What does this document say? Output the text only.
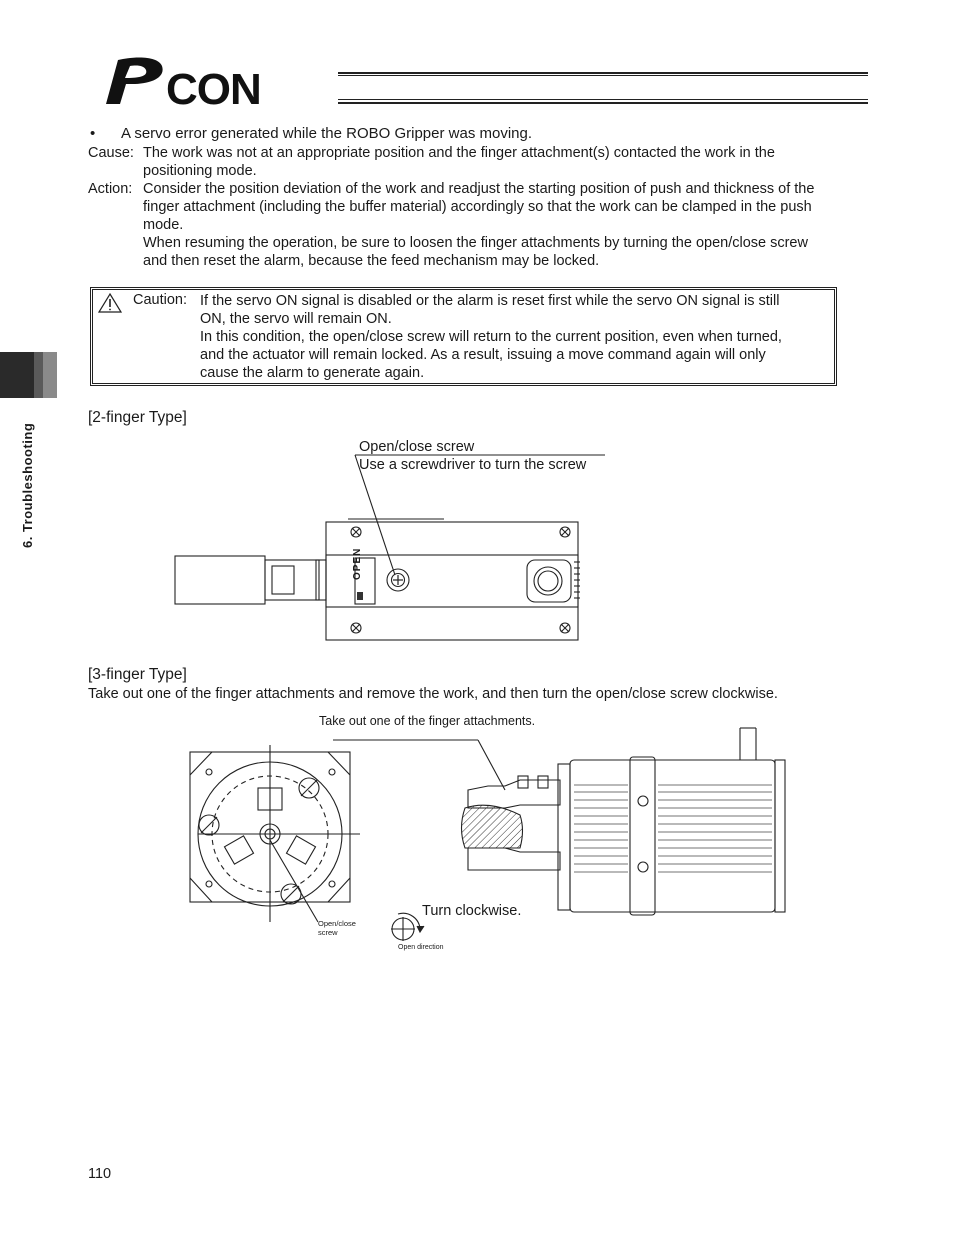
CON
6. Troubleshooting
• A servo error generated while the ROBO Gripper was moving.
Cause: The work was not at an appropriate position and the finger attachment(s) contacted the work in the
positioning mode.
Action: Consider the position deviation of the work and readjust the starting position of push and thickness of the
finger attachment (including the buffer material) accordingly so that the work can be clamped in the push
mode.
When resuming the operation, be sure to loosen the finger attachments by turning the open/close screw
and then reset the alarm, because the feed mechanism may be locked.
Caution: If the servo ON signal is disabled or the alarm is reset first while the servo ON signal is still
ON, the servo will remain ON.
In this condition, the open/close screw will return to the current position, even when turned,
and the actuator will remain locked. As a result, issuing a move command again will only
cause the alarm to generate again.
[2-finger Type]
Open/close screw
Use a screwdriver to turn the screw
OPEN
[3-finger Type]
Take out one of the finger attachments and remove the work, and then turn the open/close screw clockwise.
Take out one of the finger attachments.
Open/close
screw
Turn clockwise.
Open direction
110
